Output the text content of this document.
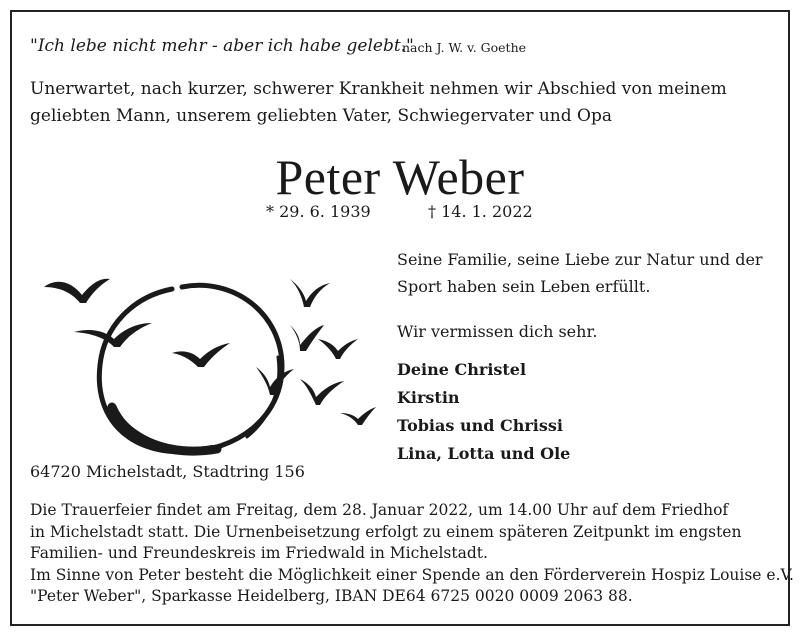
"Ich lebe nicht mehr - aber ich habe gelebt."
nach J. W. v. Goethe
Unerwartet, nach kurzer, schwerer Krankheit nehmen wir Abschied von meinem geliebten Mann, unserem geliebten Vater, Schwiegervater und Opa
Peter Weber
* 29. 6. 1939	† 14. 1. 2022
Seine Familie, seine Liebe zur Natur und der Sport haben sein Leben erfüllt.
Wir vermissen dich sehr.
Deine Christel
Kirstin
Tobias und Chrissi
Lina, Lotta und Ole
64720 Michelstadt, Stadtring 156
Die Trauerfeier findet am Freitag, dem 28. Januar 2022, um 14.00 Uhr auf dem Friedhof
in Michelstadt statt. Die Urnenbeisetzung erfolgt zu einem späteren Zeitpunkt im engsten
Familien- und Freundeskreis im Friedwald in Michelstadt.
Im Sinne von Peter besteht die Möglichkeit einer Spende an den Förderverein Hospiz Louise e.V.
"Peter Weber", Sparkasse Heidelberg, IBAN DE64 6725 0020 0009 2063 88.
